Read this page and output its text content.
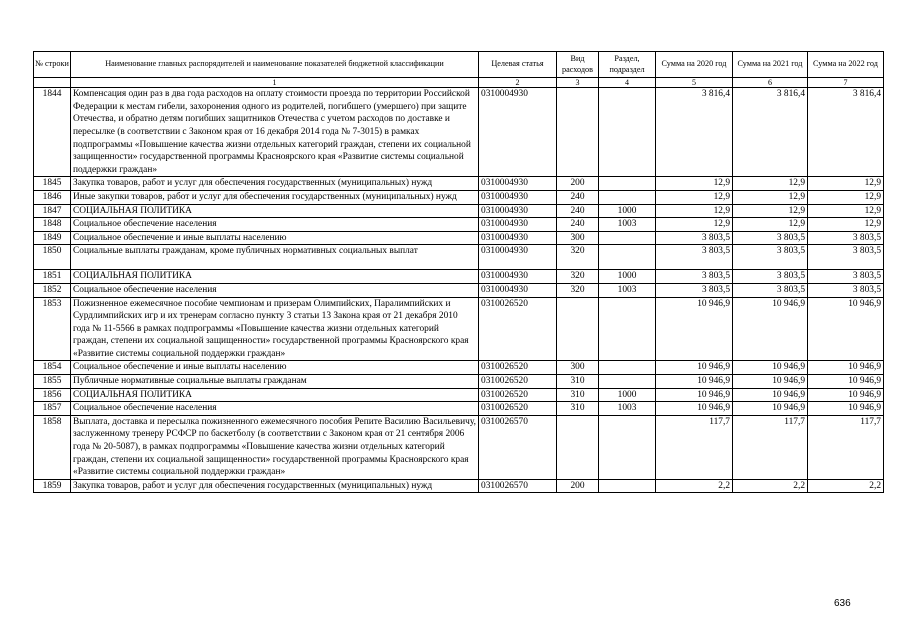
№ строки	Наименование главных распорядителей и наименование показателей бюджетной классификации	Целевая статья	Вид расходов	Раздел, подраздел	Сумма на 2020 год	Сумма на 2021 год	Сумма на 2022 год
	1	2	3	4	5	6	7
1844	Компенсация один раз в два года расходов на оплату стоимости проезда по территории Российской Федерации к местам гибели, захоронения одного из родителей, погибшего (умершего) при защите Отечества, и обратно детям погибших защитников Отечества с учетом расходов по доставке и пересылке (в соответствии с Законом края от 16 декабря 2014 года № 7-3015) в рамках подпрограммы «Повышение качества жизни отдельных категорий граждан, степени их социальной защищенности» государственной программы Красноярского края «Развитие системы социальной поддержки граждан»	0310004930			3 816,4	3 816,4	3 816,4
1845	Закупка товаров, работ и услуг для обеспечения государственных (муниципальных) нужд	0310004930	200		12,9	12,9	12,9
1846	Иные закупки товаров, работ и услуг для обеспечения государственных (муниципальных) нужд	0310004930	240		12,9	12,9	12,9
1847	СОЦИАЛЬНАЯ ПОЛИТИКА	0310004930	240	1000	12,9	12,9	12,9
1848	Социальное обеспечение населения	0310004930	240	1003	12,9	12,9	12,9
1849	Социальное обеспечение и иные выплаты населению	0310004930	300		3 803,5	3 803,5	3 803,5
1850	Социальные выплаты гражданам, кроме публичных нормативных социальных выплат	0310004930	320		3 803,5	3 803,5	3 803,5
1851	СОЦИАЛЬНАЯ ПОЛИТИКА	0310004930	320	1000	3 803,5	3 803,5	3 803,5
1852	Социальное обеспечение населения	0310004930	320	1003	3 803,5	3 803,5	3 803,5
1853	Пожизненное ежемесячное пособие чемпионам и призерам Олимпийских, Паралимпийских и Сурдлимпийских игр и их тренерам согласно пункту 3 статьи 13 Закона края от 21 декабря 2010 года № 11-5566 в рамках подпрограммы «Повышение качества жизни отдельных категорий граждан, степени их социальной защищенности» государственной программы Красноярского края «Развитие системы социальной поддержки граждан»	0310026520			10 946,9	10 946,9	10 946,9
1854	Социальное обеспечение и иные выплаты населению	0310026520	300		10 946,9	10 946,9	10 946,9
1855	Публичные нормативные социальные выплаты гражданам	0310026520	310		10 946,9	10 946,9	10 946,9
1856	СОЦИАЛЬНАЯ ПОЛИТИКА	0310026520	310	1000	10 946,9	10 946,9	10 946,9
1857	Социальное обеспечение населения	0310026520	310	1003	10 946,9	10 946,9	10 946,9
1858	Выплата, доставка и пересылка пожизненного ежемесячного пособия Репите Василию Васильевичу, заслуженному тренеру РСФСР по баскетболу (в соответствии с Законом края от 21 сентября 2006 года № 20-5087), в рамках подпрограммы «Повышение качества жизни отдельных категорий граждан, степени их социальной защищенности» государственной программы Красноярского края «Развитие системы социальной поддержки граждан»	0310026570			117,7	117,7	117,7
1859	Закупка товаров, работ и услуг для обеспечения государственных (муниципальных) нужд	0310026570	200		2,2	2,2	2,2
636
